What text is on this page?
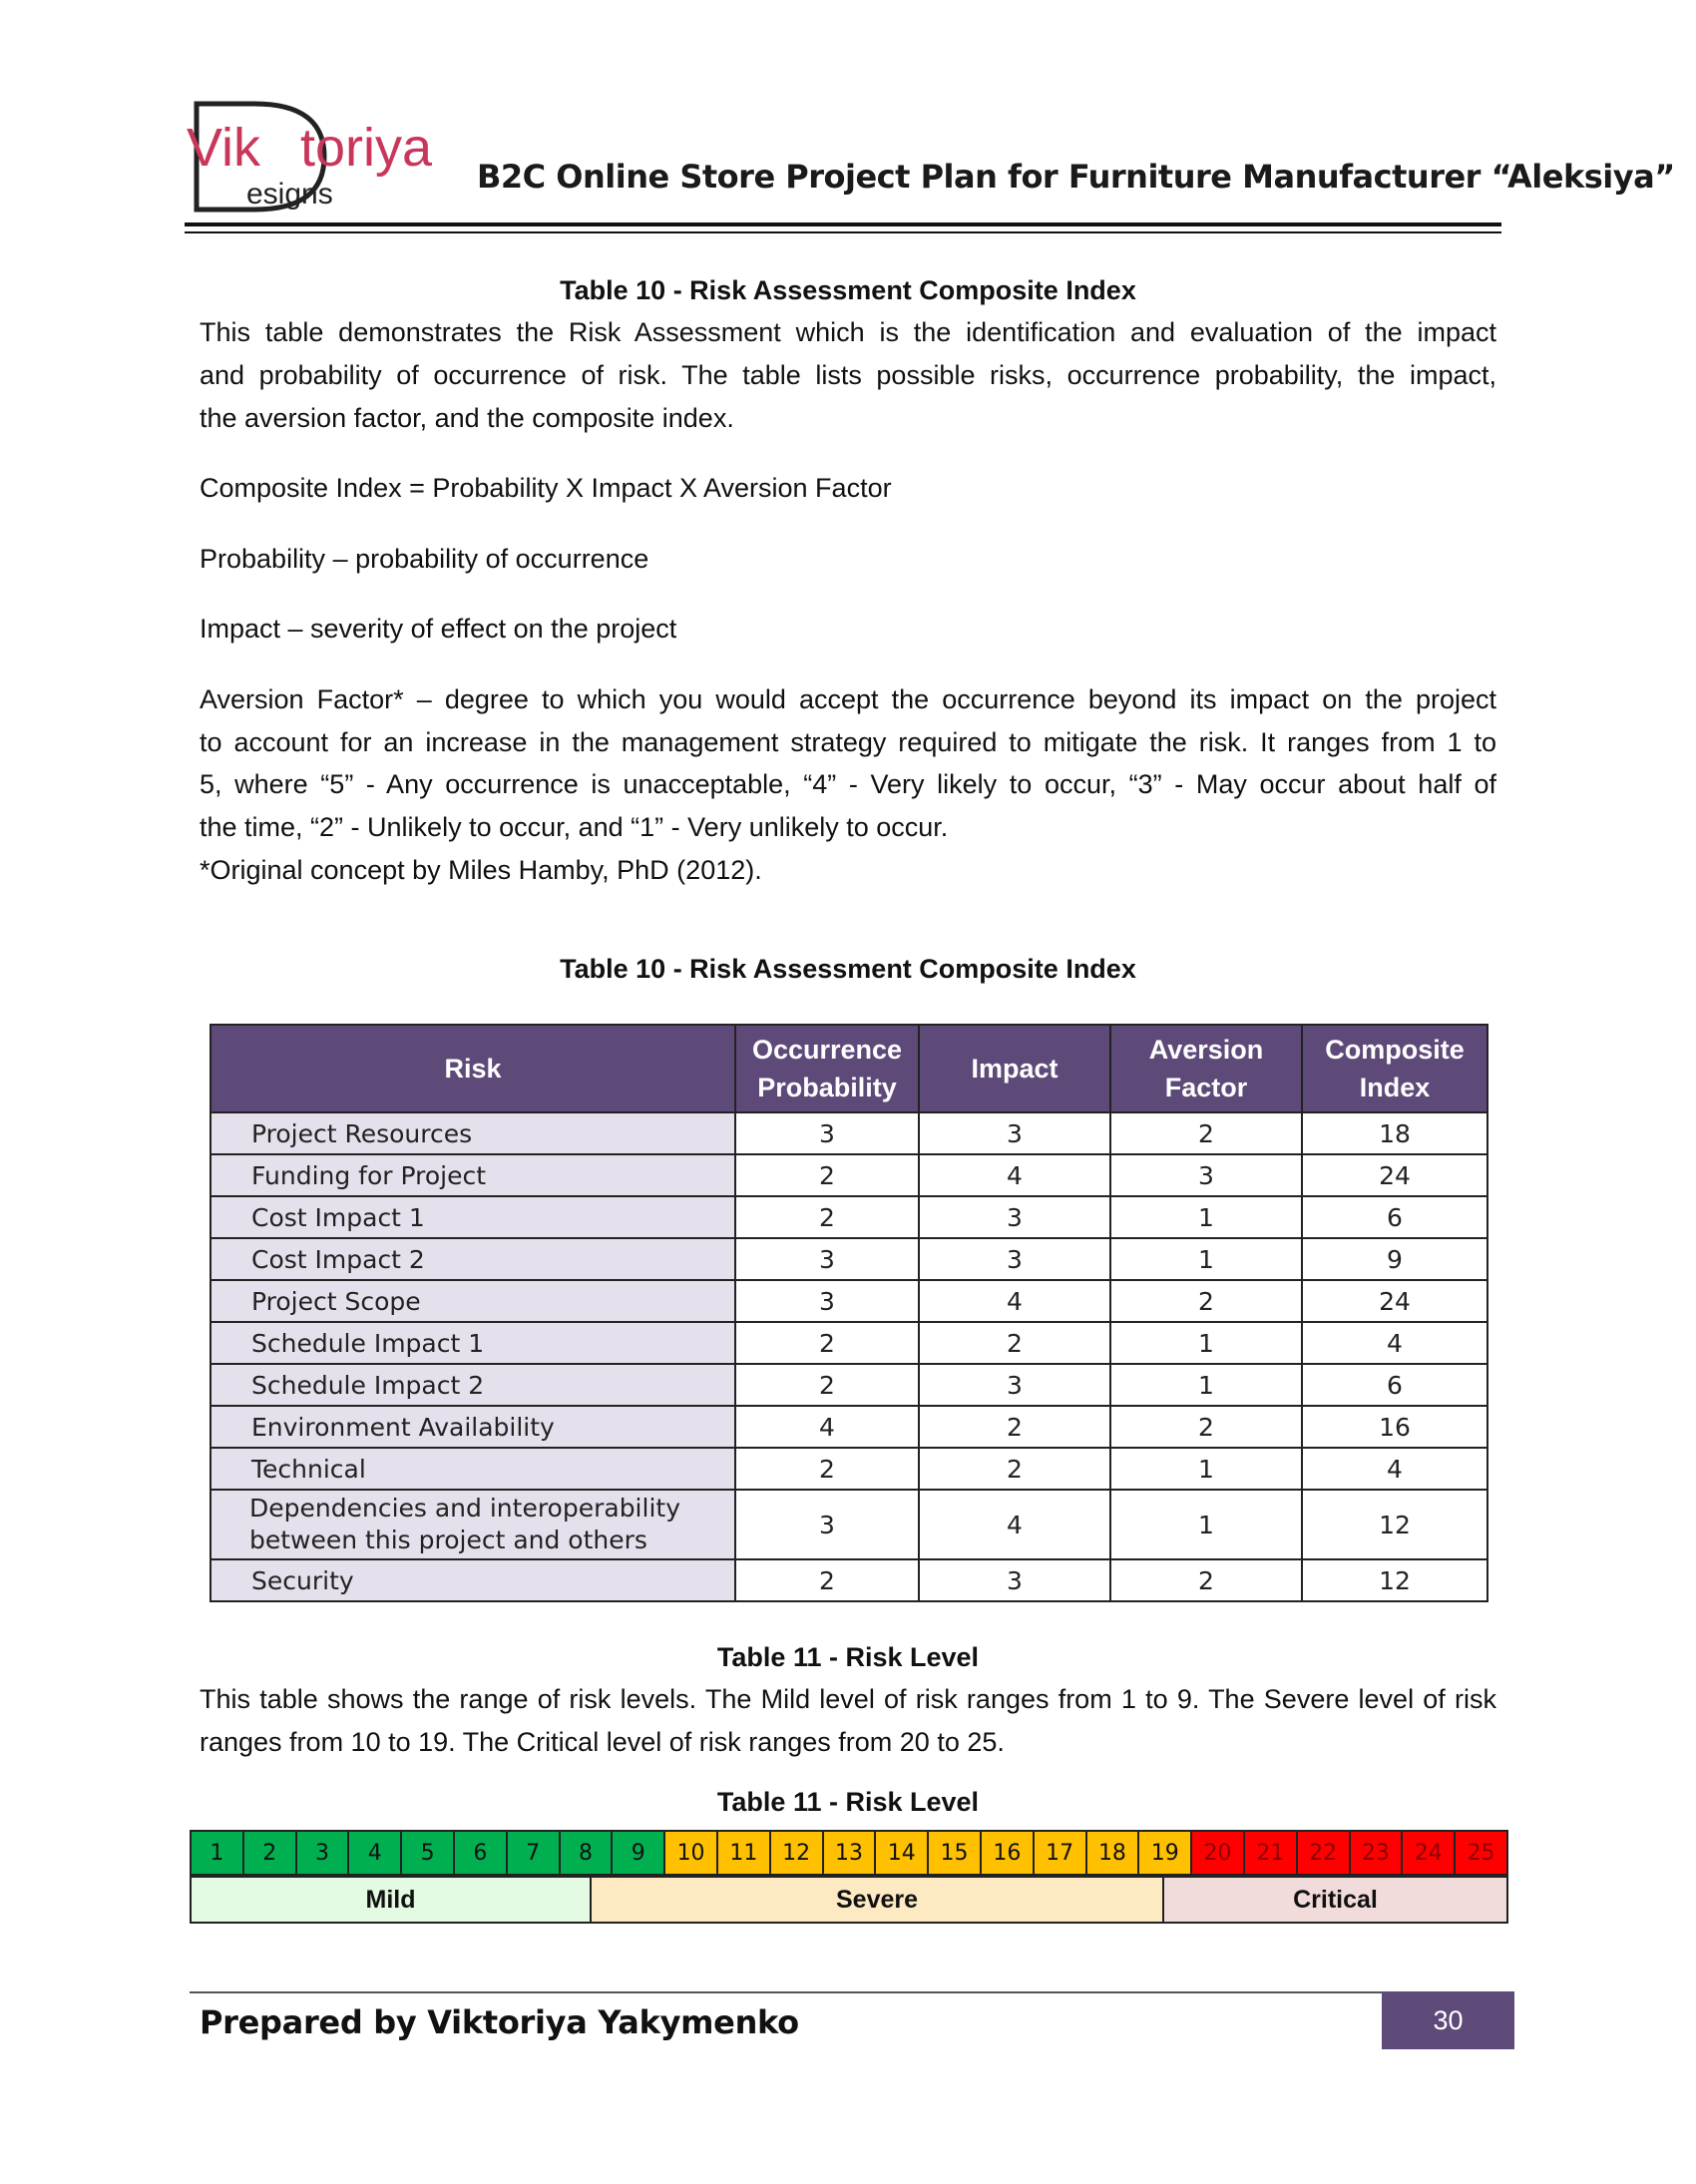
Vik toriya
esigns	B2C Online Store Project Plan for Furniture Manufacturer “Aleksiya”
Table 10 - Risk Assessment Composite Index
This table demonstrates the Risk Assessment which is the identification and evaluation of the impact
and probability of occurrence of risk. The table lists possible risks, occurrence probability, the impact,
the aversion factor, and the composite index.
Composite Index = Probability X Impact X Aversion Factor
Probability – probability of occurrence
Impact – severity of effect on the project
Aversion Factor* – degree to which you would accept the occurrence beyond its impact on the project
to account for an increase in the management strategy required to mitigate the risk. It ranges from 1 to
5, where “5” - Any occurrence is unacceptable, “4” - Very likely to occur, “3” - May occur about half of
the time, “2” - Unlikely to occur, and “1” - Very unlikely to occur.
*Original concept by Miles Hamby, PhD (2012).
Table 10 - Risk Assessment Composite Index
Risk	Occurrence Probability	Impact	Aversion Factor	Composite Index
Project Resources	3	3	2	18
Funding for Project	2	4	3	24
Cost Impact 1	2	3	1	6
Cost Impact 2	3	3	1	9
Project Scope	3	4	2	24
Schedule Impact 1	2	2	1	4
Schedule Impact 2	2	3	1	6
Environment Availability	4	2	2	16
Technical	2	2	1	4
Dependencies and interoperability between this project and others	3	4	1	12
Security	2	3	2	12
Table 11 - Risk Level
This table shows the range of risk levels. The Mild level of risk ranges from 1 to 9. The Severe level of risk
ranges from 10 to 19. The Critical level of risk ranges from 20 to 25.
Table 11 - Risk Level
1	2	3	4	5	6	7	8	9	10	11	12	13	14	15	16	17	18	19	20	21	22	23	24	25
Mild	Severe	Critical
Prepared by Viktoriya Yakymenko	30
